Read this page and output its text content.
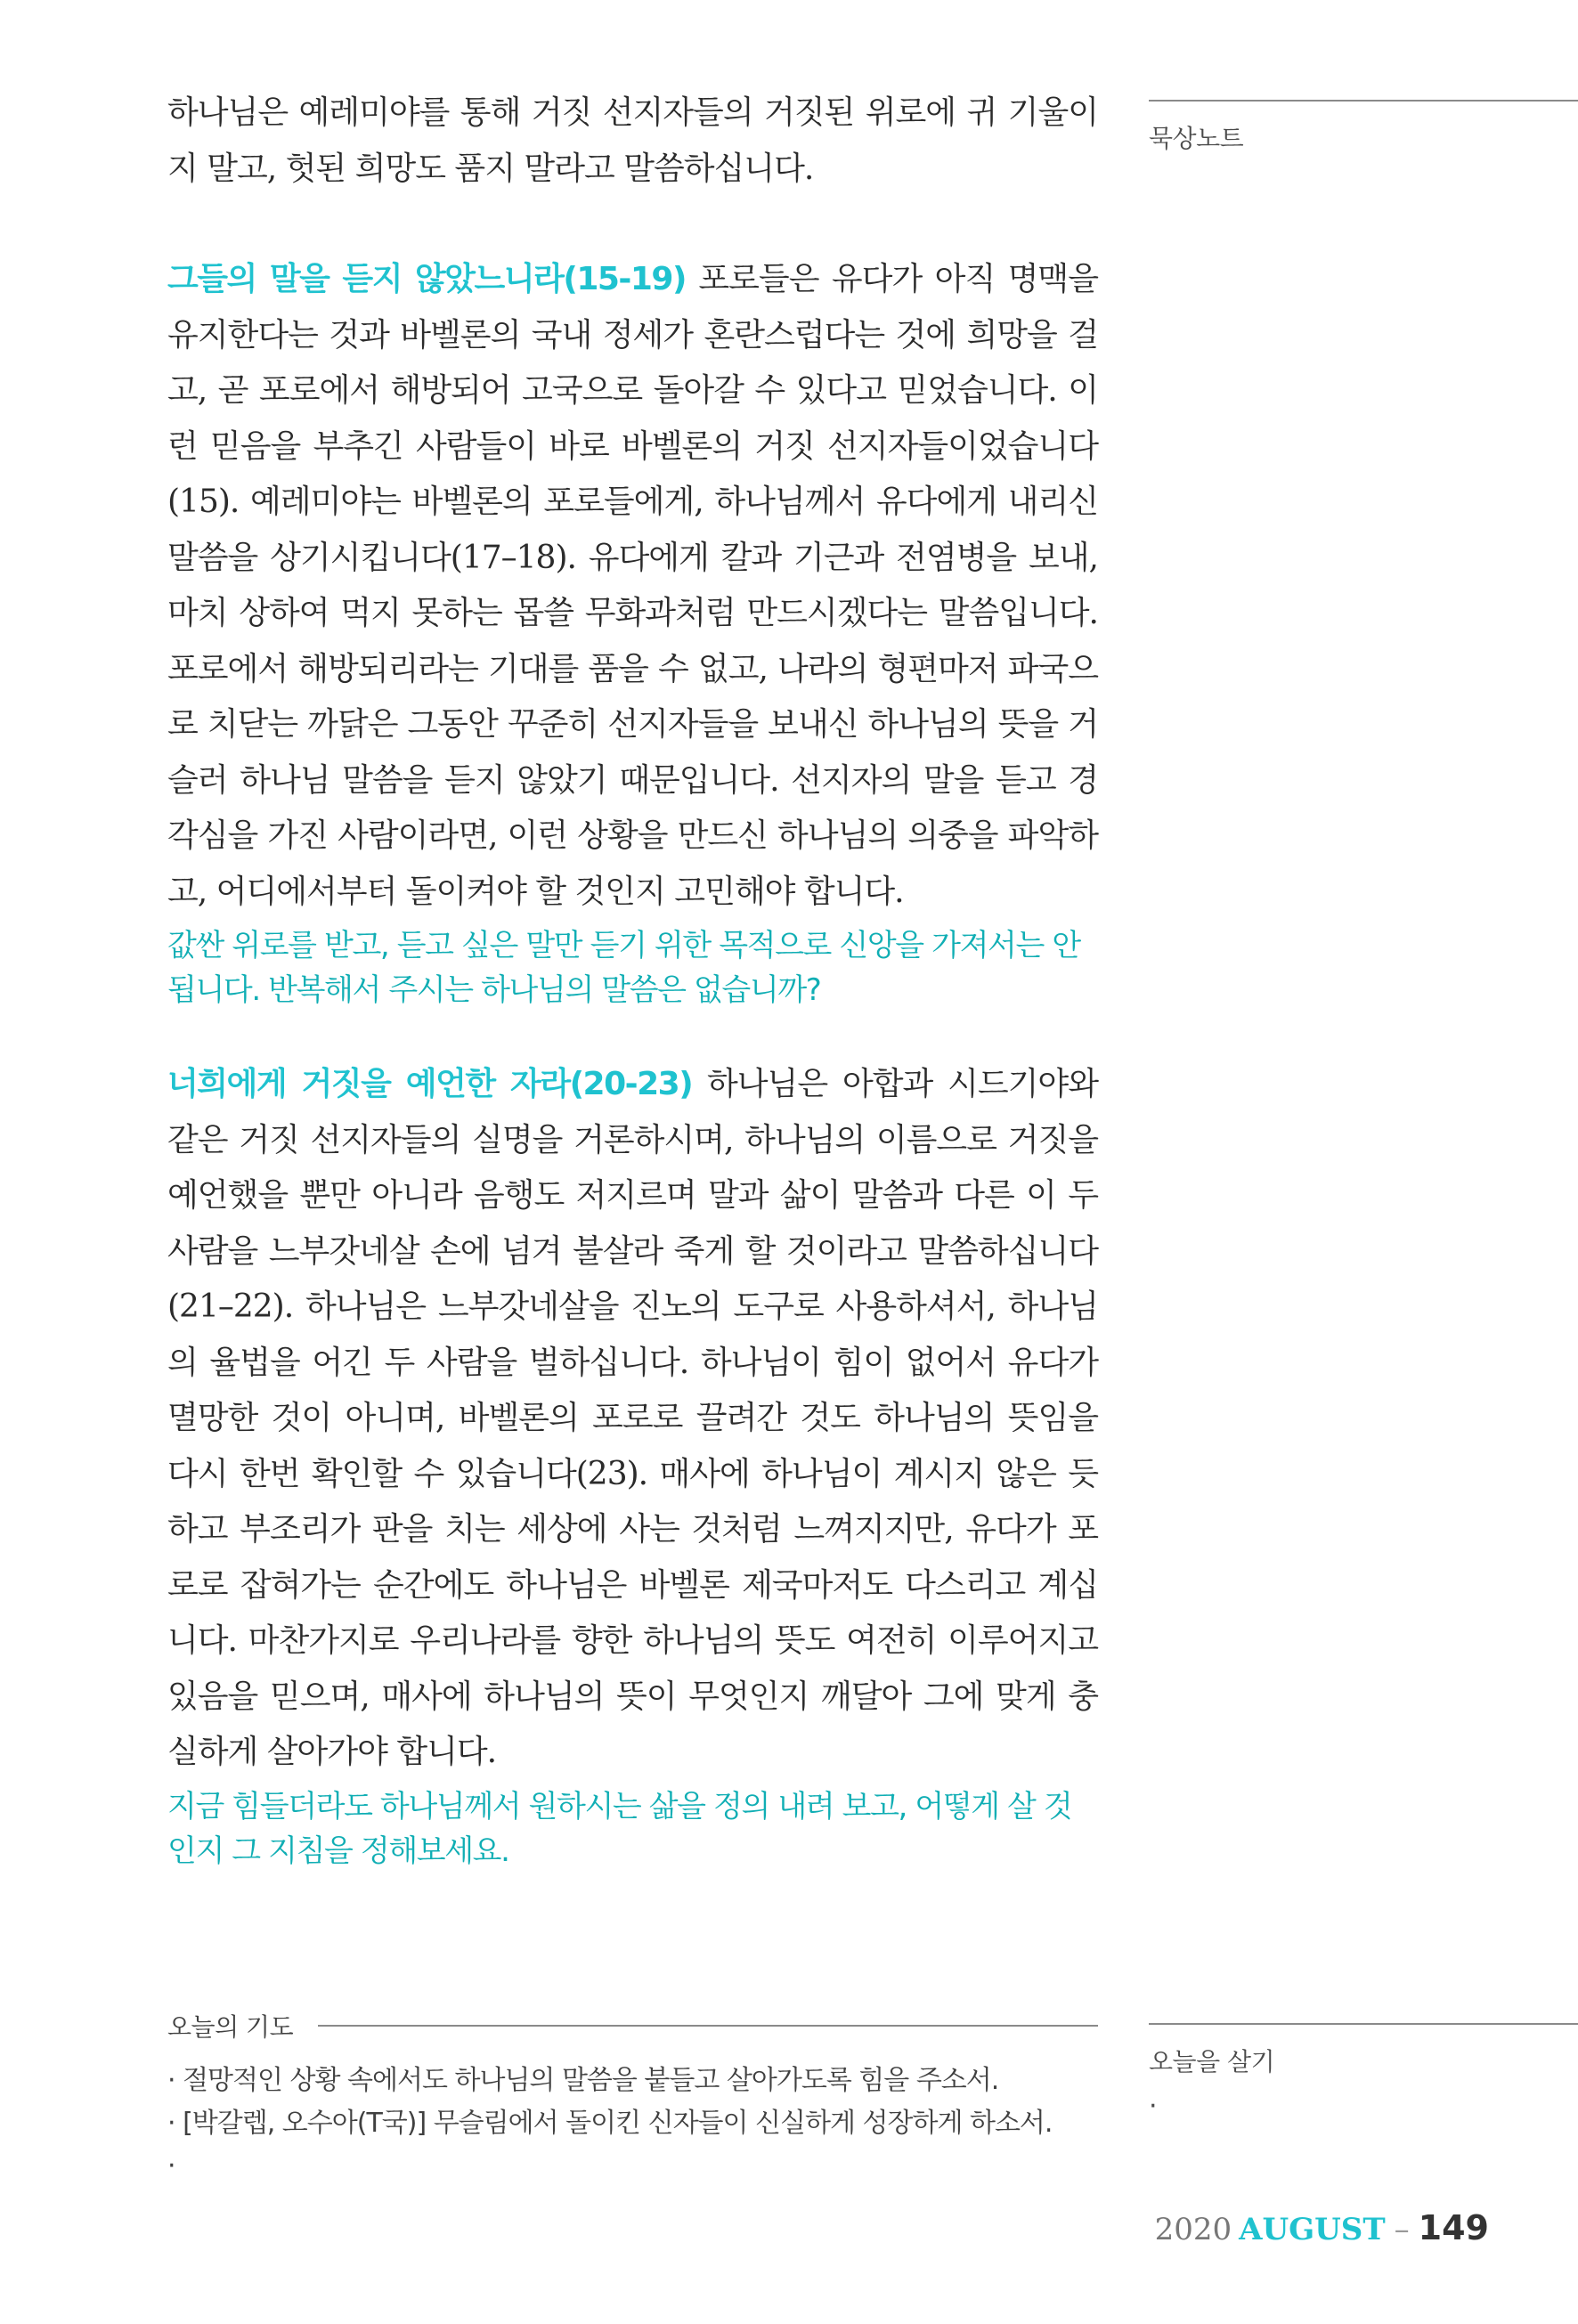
하나님은 예레미야를 통해 거짓 선지자들의 거짓된 위로에 귀 기울이지 말고, 헛된 희망도 품지 말라고 말씀하십니다.

그들의 말을 듣지 않았느니라(15-19) 포로들은 유다가 아직 명맥을 유지한다는 것과 바벨론의 국내 정세가 혼란스럽다는 것에 희망을 걸고, 곧 포로에서 해방되어 고국으로 돌아갈 수 있다고 믿었습니다. 이런 믿음을 부추긴 사람들이 바로 바벨론의 거짓 선지자들이었습니다(15). 예레미야는 바벨론의 포로들에게, 하나님께서 유다에게 내리신 말씀을 상기시킵니다(17–18). 유다에게 칼과 기근과 전염병을 보내, 마치 상하여 먹지 못하는 몹쓸 무화과처럼 만드시겠다는 말씀입니다. 포로에서 해방되리라는 기대를 품을 수 없고, 나라의 형편마저 파국으로 치닫는 까닭은 그동안 꾸준히 선지자들을 보내신 하나님의 뜻을 거슬러 하나님 말씀을 듣지 않았기 때문입니다. 선지자의 말을 듣고 경각심을 가진 사람이라면, 이런 상황을 만드신 하나님의 의중을 파악하고, 어디에서부터 돌이켜야 할 것인지 고민해야 합니다.

값싼 위로를 받고, 듣고 싶은 말만 듣기 위한 목적으로 신앙을 가져서는 안 됩니다. 반복해서 주시는 하나님의 말씀은 없습니까?

너희에게 거짓을 예언한 자라(20-23) 하나님은 아합과 시드기야와 같은 거짓 선지자들의 실명을 거론하시며, 하나님의 이름으로 거짓을 예언했을 뿐만 아니라 음행도 저지르며 말과 삶이 말씀과 다른 이 두 사람을 느부갓네살 손에 넘겨 불살라 죽게 할 것이라고 말씀하십니다(21–22). 하나님은 느부갓네살을 진노의 도구로 사용하셔서, 하나님의 율법을 어긴 두 사람을 벌하십니다. 하나님이 힘이 없어서 유다가 멸망한 것이 아니며, 바벨론의 포로로 끌려간 것도 하나님의 뜻임을 다시 한번 확인할 수 있습니다(23). 매사에 하나님이 계시지 않은 듯하고 부조리가 판을 치는 세상에 사는 것처럼 느껴지지만, 유다가 포로로 잡혀가는 순간에도 하나님은 바벨론 제국마저도 다스리고 계십니다. 마찬가지로 우리나라를 향한 하나님의 뜻도 여전히 이루어지고 있음을 믿으며, 매사에 하나님의 뜻이 무엇인지 깨달아 그에 맞게 충실하게 살아가야 합니다.

지금 힘들더라도 하나님께서 원하시는 삶을 정의 내려 보고, 어떻게 살 것인지 그 지침을 정해보세요.

묵상노트

오늘의 기도
· 절망적인 상황 속에서도 하나님의 말씀을 붙들고 살아가도록 힘을 주소서.
· [박갈렙, 오수아(T국)] 무슬림에서 돌이킨 신자들이 신실하게 성장하게 하소서.
·

오늘을 살기

·
2020 AUGUST – 149
